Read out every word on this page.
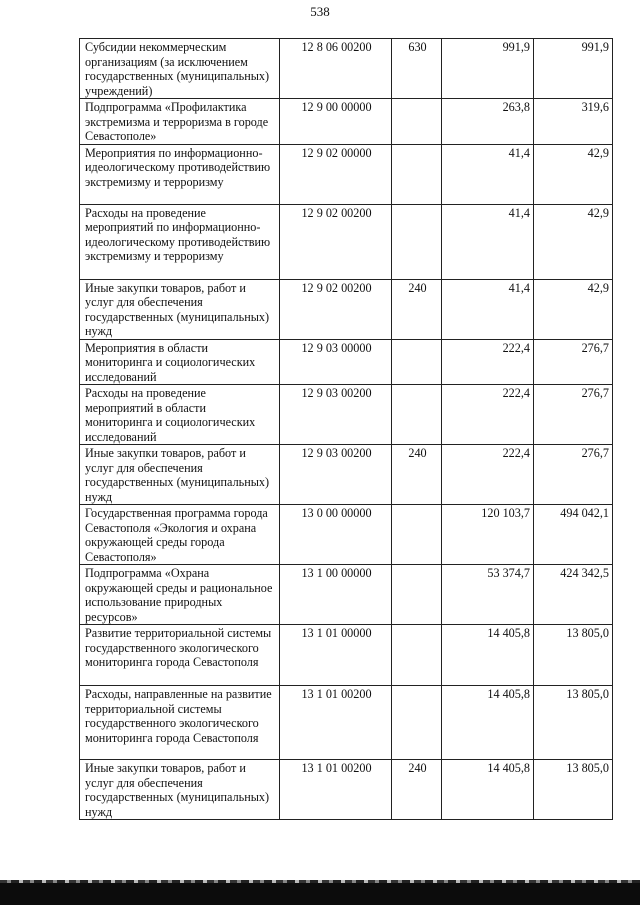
538
Субсидии некоммерческим организациям (за исключением государственных (муниципальных) учреждений)	12 8 06 00200	630	991,9	991,9
Подпрограмма «Профилактика экстремизма и терроризма в городе Севастополе»	12 9 00 00000		263,8	319,6
Мероприятия по информационно-идеологическому противодействию экстремизму и терроризму	12 9 02 00000		41,4	42,9
Расходы на проведение мероприятий по информационно-идеологическому противодействию экстремизму и терроризму	12 9 02 00200		41,4	42,9
Иные закупки товаров, работ и услуг для обеспечения государственных (муниципальных) нужд	12 9 02 00200	240	41,4	42,9
Мероприятия в области мониторинга и социологических исследований	12 9 03 00000		222,4	276,7
Расходы на проведение мероприятий в области мониторинга и социологических исследований	12 9 03 00200		222,4	276,7
Иные закупки товаров, работ и услуг для обеспечения государственных (муниципальных) нужд	12 9 03 00200	240	222,4	276,7
Государственная программа города Севастополя «Экология и охрана окружающей среды города Севастополя»	13 0 00 00000		120 103,7	494 042,1
Подпрограмма «Охрана окружающей среды и рациональное использование природных ресурсов»	13 1 00 00000		53 374,7	424 342,5
Развитие территориальной системы государственного экологического мониторинга города Севастополя	13 1 01 00000		14 405,8	13 805,0
Расходы, направленные на развитие территориальной системы государственного экологического мониторинга города Севастополя	13 1 01 00200		14 405,8	13 805,0
Иные закупки товаров, работ и услуг для обеспечения государственных (муниципальных) нужд	13 1 01 00200	240	14 405,8	13 805,0
